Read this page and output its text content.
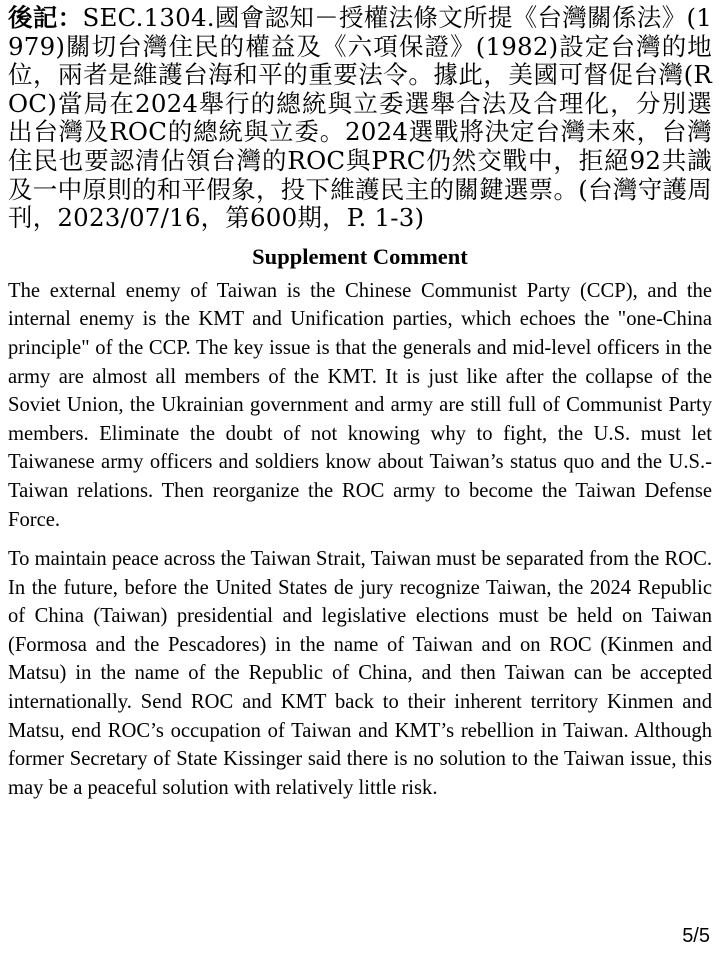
後記：SEC.1304.國會認知－授權法條文所提《台灣關係法》(1979)關切台灣住民的權益及《六項保證》(1982)設定台灣的地位，兩者是維護台海和平的重要法令。據此，美國可督促台灣(ROC)當局在2024舉行的總統與立委選舉合法及合理化，分別選出台灣及ROC的總統與立委。2024選戰將決定台灣未來，台灣住民也要認清佔領台灣的ROC與PRC仍然交戰中，拒絕92共識及一中原則的和平假象，投下維護民主的關鍵選票。(台灣守護周刊，2023/07/16，第600期，P. 1-3)

Supplement Comment

The external enemy of Taiwan is the Chinese Communist Party (CCP), and the internal enemy is the KMT and Unification parties, which echoes the "one-China principle" of the CCP. The key issue is that the generals and mid-level officers in the army are almost all members of the KMT. It is just like after the collapse of the Soviet Union, the Ukrainian government and army are still full of Communist Party members. Eliminate the doubt of not knowing why to fight, the U.S. must let Taiwanese army officers and soldiers know about Taiwan’s status quo and the U.S.-Taiwan relations. Then reorganize the ROC army to become the Taiwan Defense Force.

To maintain peace across the Taiwan Strait, Taiwan must be separated from the ROC. In the future, before the United States de jury recognize Taiwan, the 2024 Republic of China (Taiwan) presidential and legislative elections must be held on Taiwan (Formosa and the Pescadores) in the name of Taiwan and on ROC (Kinmen and Matsu) in the name of the Republic of China, and then Taiwan can be accepted internationally. Send ROC and KMT back to their inherent territory Kinmen and Matsu, end ROC’s occupation of Taiwan and KMT’s rebellion in Taiwan. Although former Secretary of State Kissinger said there is no solution to the Taiwan issue, this may be a peaceful solution with relatively little risk.

5/5
